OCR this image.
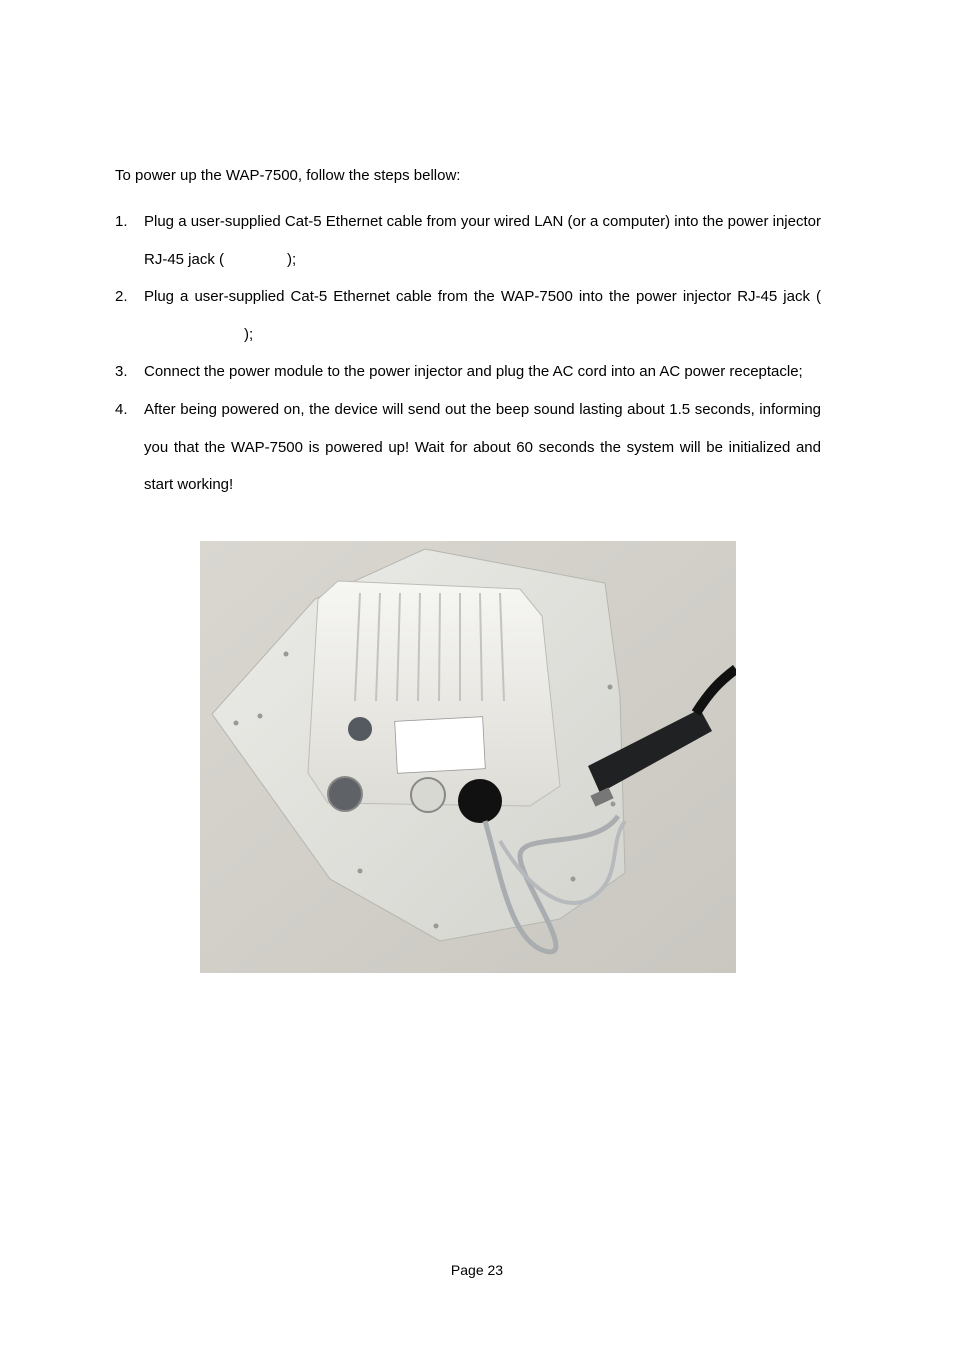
To power up the WAP-7500, follow the steps bellow:
1. Plug a user-supplied Cat-5 Ethernet cable from your wired LAN (or a computer) into the power injector RJ-45 jack (	);
2. Plug a user-supplied Cat-5 Ethernet cable from the WAP-7500 into the power injector RJ-45 jack ();
3. Connect the power module to the power injector and plug the AC cord into an AC power receptacle;
4. After being powered on, the device will send out the beep sound lasting about 1.5 seconds, informing you that the WAP-7500 is powered up! Wait for about 60 seconds the system will be initialized and start working!
Page 23
